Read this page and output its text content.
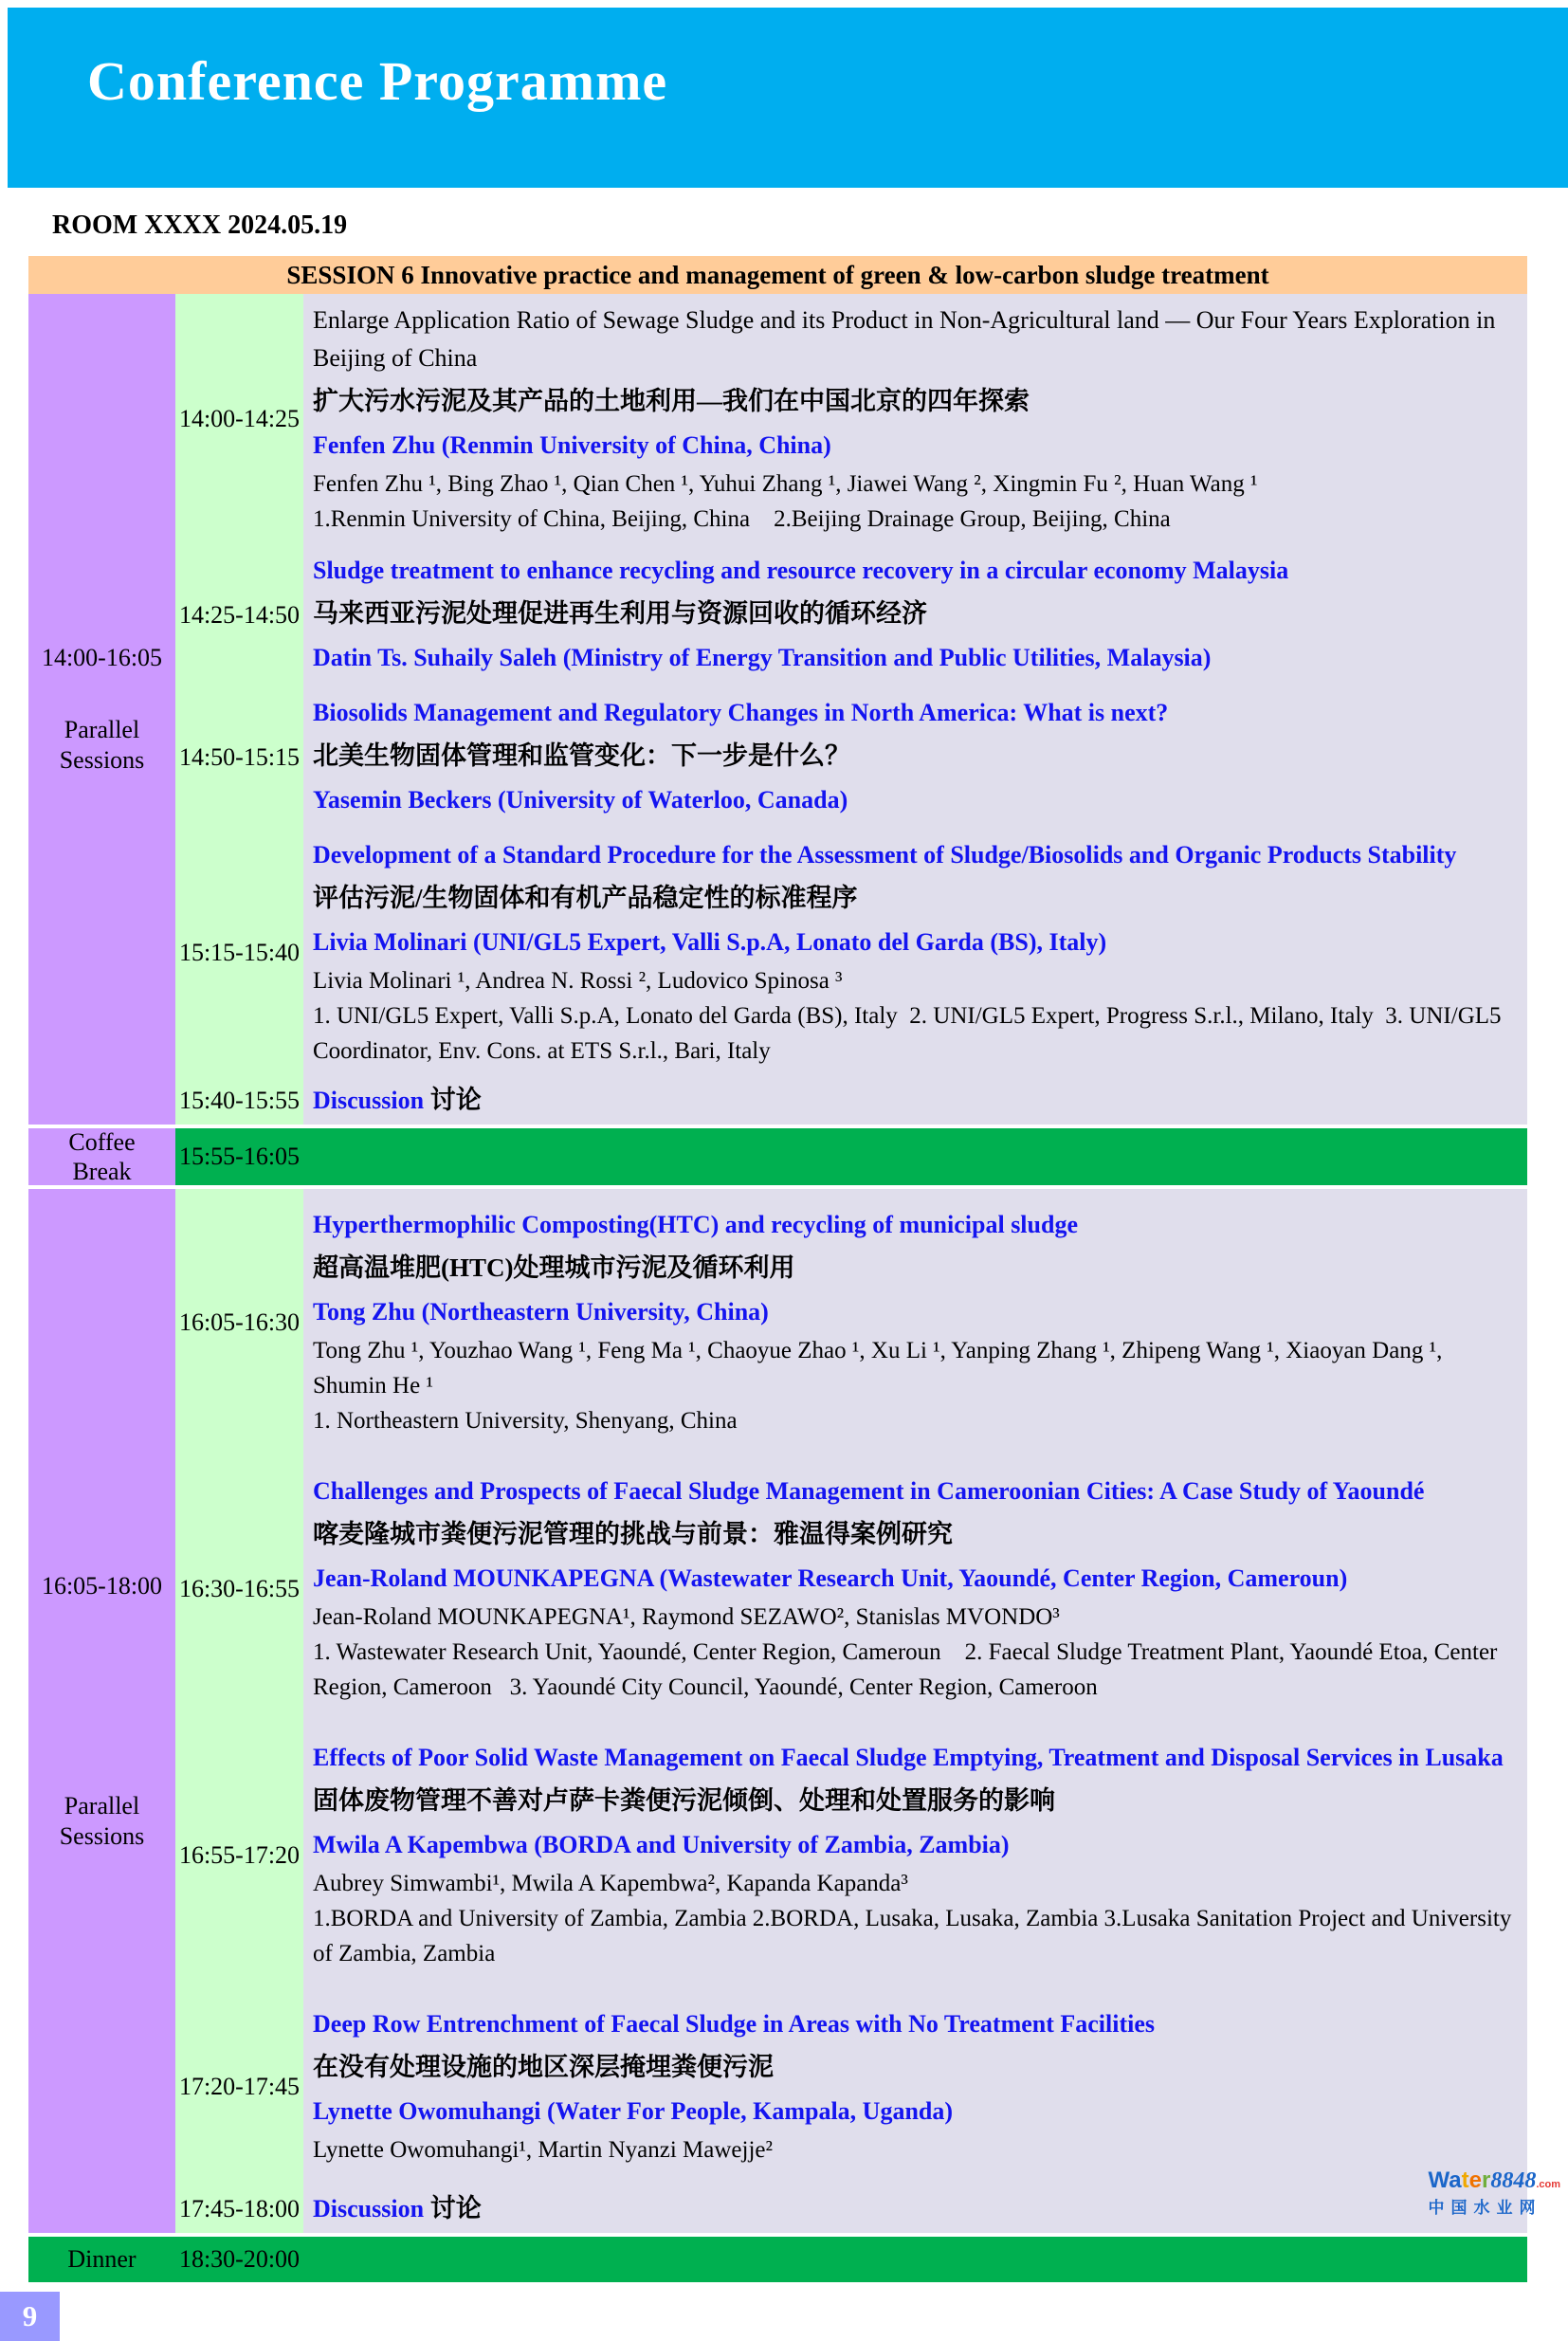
Conference Programme
ROOM XXXX 2024.05.19
SESSION 6 Innovative practice and management of green & low-carbon sludge treatment
14:00-16:05
Parallel Sessions
14:00-14:25
Enlarge Application Ratio of Sewage Sludge and its Product in Non-Agricultural land — Our Four Years Exploration in Beijing of China
扩大污水污泥及其产品的土地利用—我们在中国北京的四年探索
Fenfen Zhu (Renmin University of China, China)
Fenfen Zhu ¹, Bing Zhao ¹, Qian Chen ¹, Yuhui Zhang ¹, Jiawei Wang ², Xingmin Fu ², Huan Wang ¹
1.Renmin University of China, Beijing, China    2.Beijing Drainage Group, Beijing, China
14:25-14:50
Sludge treatment to enhance recycling and resource recovery in a circular economy Malaysia
马来西亚污泥处理促进再生利用与资源回收的循环经济
Datin Ts. Suhaily Saleh (Ministry of Energy Transition and Public Utilities, Malaysia)
14:50-15:15
Biosolids Management and Regulatory Changes in North America: What is next?
北美生物固体管理和监管变化：下一步是什么？
Yasemin Beckers (University of Waterloo, Canada)
15:15-15:40
Development of a Standard Procedure for the Assessment of Sludge/Biosolids and Organic Products Stability
评估污泥/生物固体和有机产品稳定性的标准程序
Livia Molinari (UNI/GL5 Expert, Valli S.p.A, Lonato del Garda (BS), Italy)
Livia Molinari ¹, Andrea N. Rossi ², Ludovico Spinosa ³
1. UNI/GL5 Expert, Valli S.p.A, Lonato del Garda (BS), Italy  2. UNI/GL5 Expert, Progress S.r.l., Milano, Italy  3. UNI/GL5 Coordinator, Env. Cons. at ETS S.r.l., Bari, Italy
15:40-15:55 Discussion 讨论
Coffee Break
15:55-16:05
16:05-18:00
Parallel Sessions
16:05-16:30
Hyperthermophilic Composting(HTC) and recycling of municipal sludge
超高温堆肥(HTC)处理城市污泥及循环利用
Tong Zhu (Northeastern University, China)
Tong Zhu ¹, Youzhao Wang ¹, Feng Ma ¹, Chaoyue Zhao ¹, Xu Li ¹, Yanping Zhang ¹, Zhipeng Wang ¹, Xiaoyan Dang ¹, Shumin He ¹
1. Northeastern University, Shenyang, China
16:30-16:55
Challenges and Prospects of Faecal Sludge Management in Cameroonian Cities: A Case Study of Yaoundé
喀麦隆城市粪便污泥管理的挑战与前景：雅温得案例研究
Jean-Roland MOUNKAPEGNA (Wastewater Research Unit, Yaoundé, Center Region, Cameroun)
Jean-Roland MOUNKAPEGNA¹, Raymond SEZAWO², Stanislas MVONDO³
1. Wastewater Research Unit, Yaoundé, Center Region, Cameroun    2. Faecal Sludge Treatment Plant, Yaoundé Etoa, Center Region, Cameroon   3. Yaoundé City Council, Yaoundé, Center Region, Cameroon
16:55-17:20
Effects of Poor Solid Waste Management on Faecal Sludge Emptying, Treatment and Disposal Services in Lusaka
固体废物管理不善对卢萨卡粪便污泥倾倒、处理和处置服务的影响
Mwila A Kapembwa (BORDA and University of Zambia, Zambia)
Aubrey Simwambi¹, Mwila A Kapembwa², Kapanda Kapanda³
1.BORDA and University of Zambia, Zambia 2.BORDA, Lusaka, Lusaka, Zambia 3.Lusaka Sanitation Project and University of Zambia, Zambia
17:20-17:45
Deep Row Entrenchment of Faecal Sludge in Areas with No Treatment Facilities
在没有处理设施的地区深层掩埋粪便污泥
Lynette Owomuhangi (Water For People, Kampala, Uganda)
Lynette Owomuhangi¹, Martin Nyanzi Mawejje²
17:45-18:00 Discussion 讨论
Dinner	18:30-20:00
9
Water8848.com
中国水业网
